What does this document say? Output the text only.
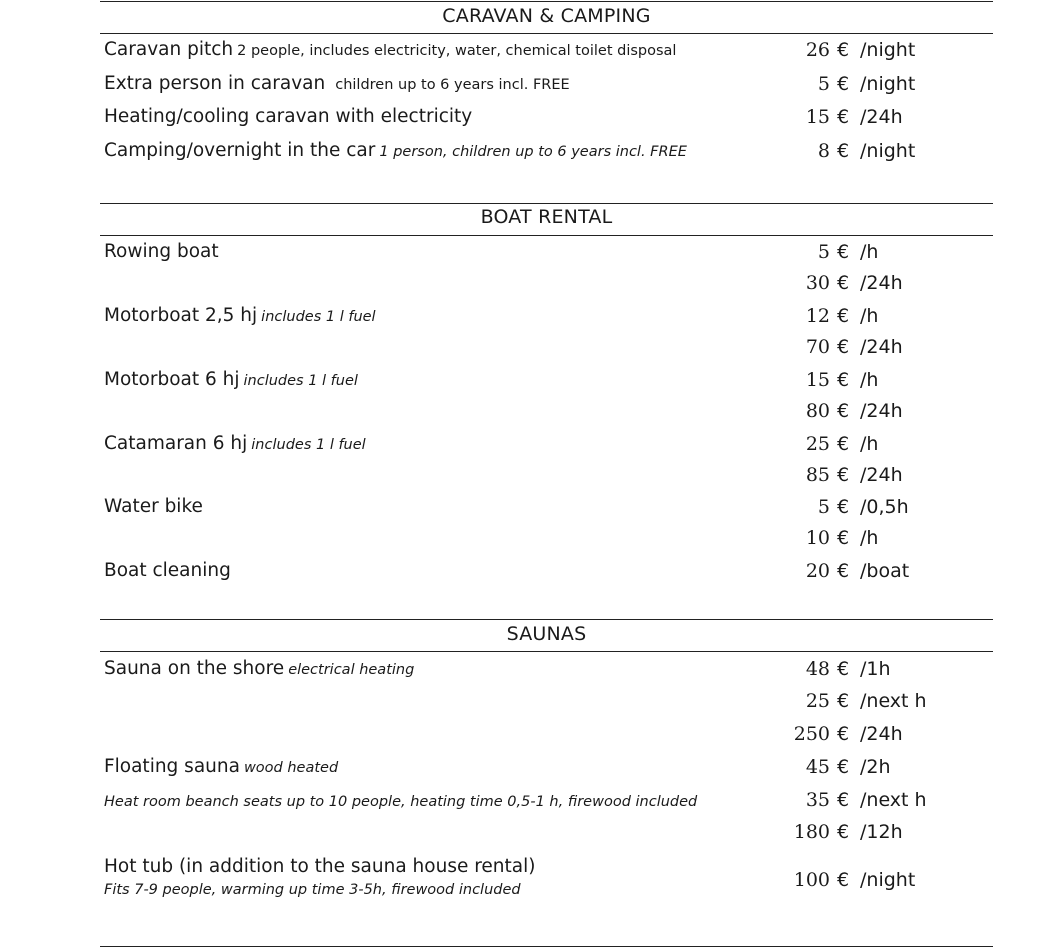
CARAVAN & CAMPING
Caravan pitch 2 people, includes electricity, water, chemical toilet disposal	26 € /night
Extra person in caravan children up to 6 years incl. FREE	5 € /night
Heating/cooling caravan with electricity	15 € /24h
Camping/overnight in the car 1 person, children up to 6 years incl. FREE	8 € /night
BOAT RENTAL
Rowing boat	5 € /h
30 € /24h
Motorboat 2,5 hj includes 1 l fuel	12 € /h
70 € /24h
Motorboat 6 hj includes 1 l fuel	15 € /h
80 € /24h
Catamaran 6 hj includes 1 l fuel	25 € /h
85 € /24h
Water bike	5 € /0,5h
10 € /h
Boat cleaning	20 € /boat
SAUNAS
Sauna on the shore electrical heating	48 € /1h
25 € /next h
250 € /24h
Floating sauna wood heated	45 € /2h
Heat room beanch seats up to 10 people, heating time 0,5-1 h, firewood included	35 € /next h
180 € /12h
Hot tub (in addition to the sauna house rental)
Fits 7-9 people, warming up time 3-5h, firewood included	100 € /night
